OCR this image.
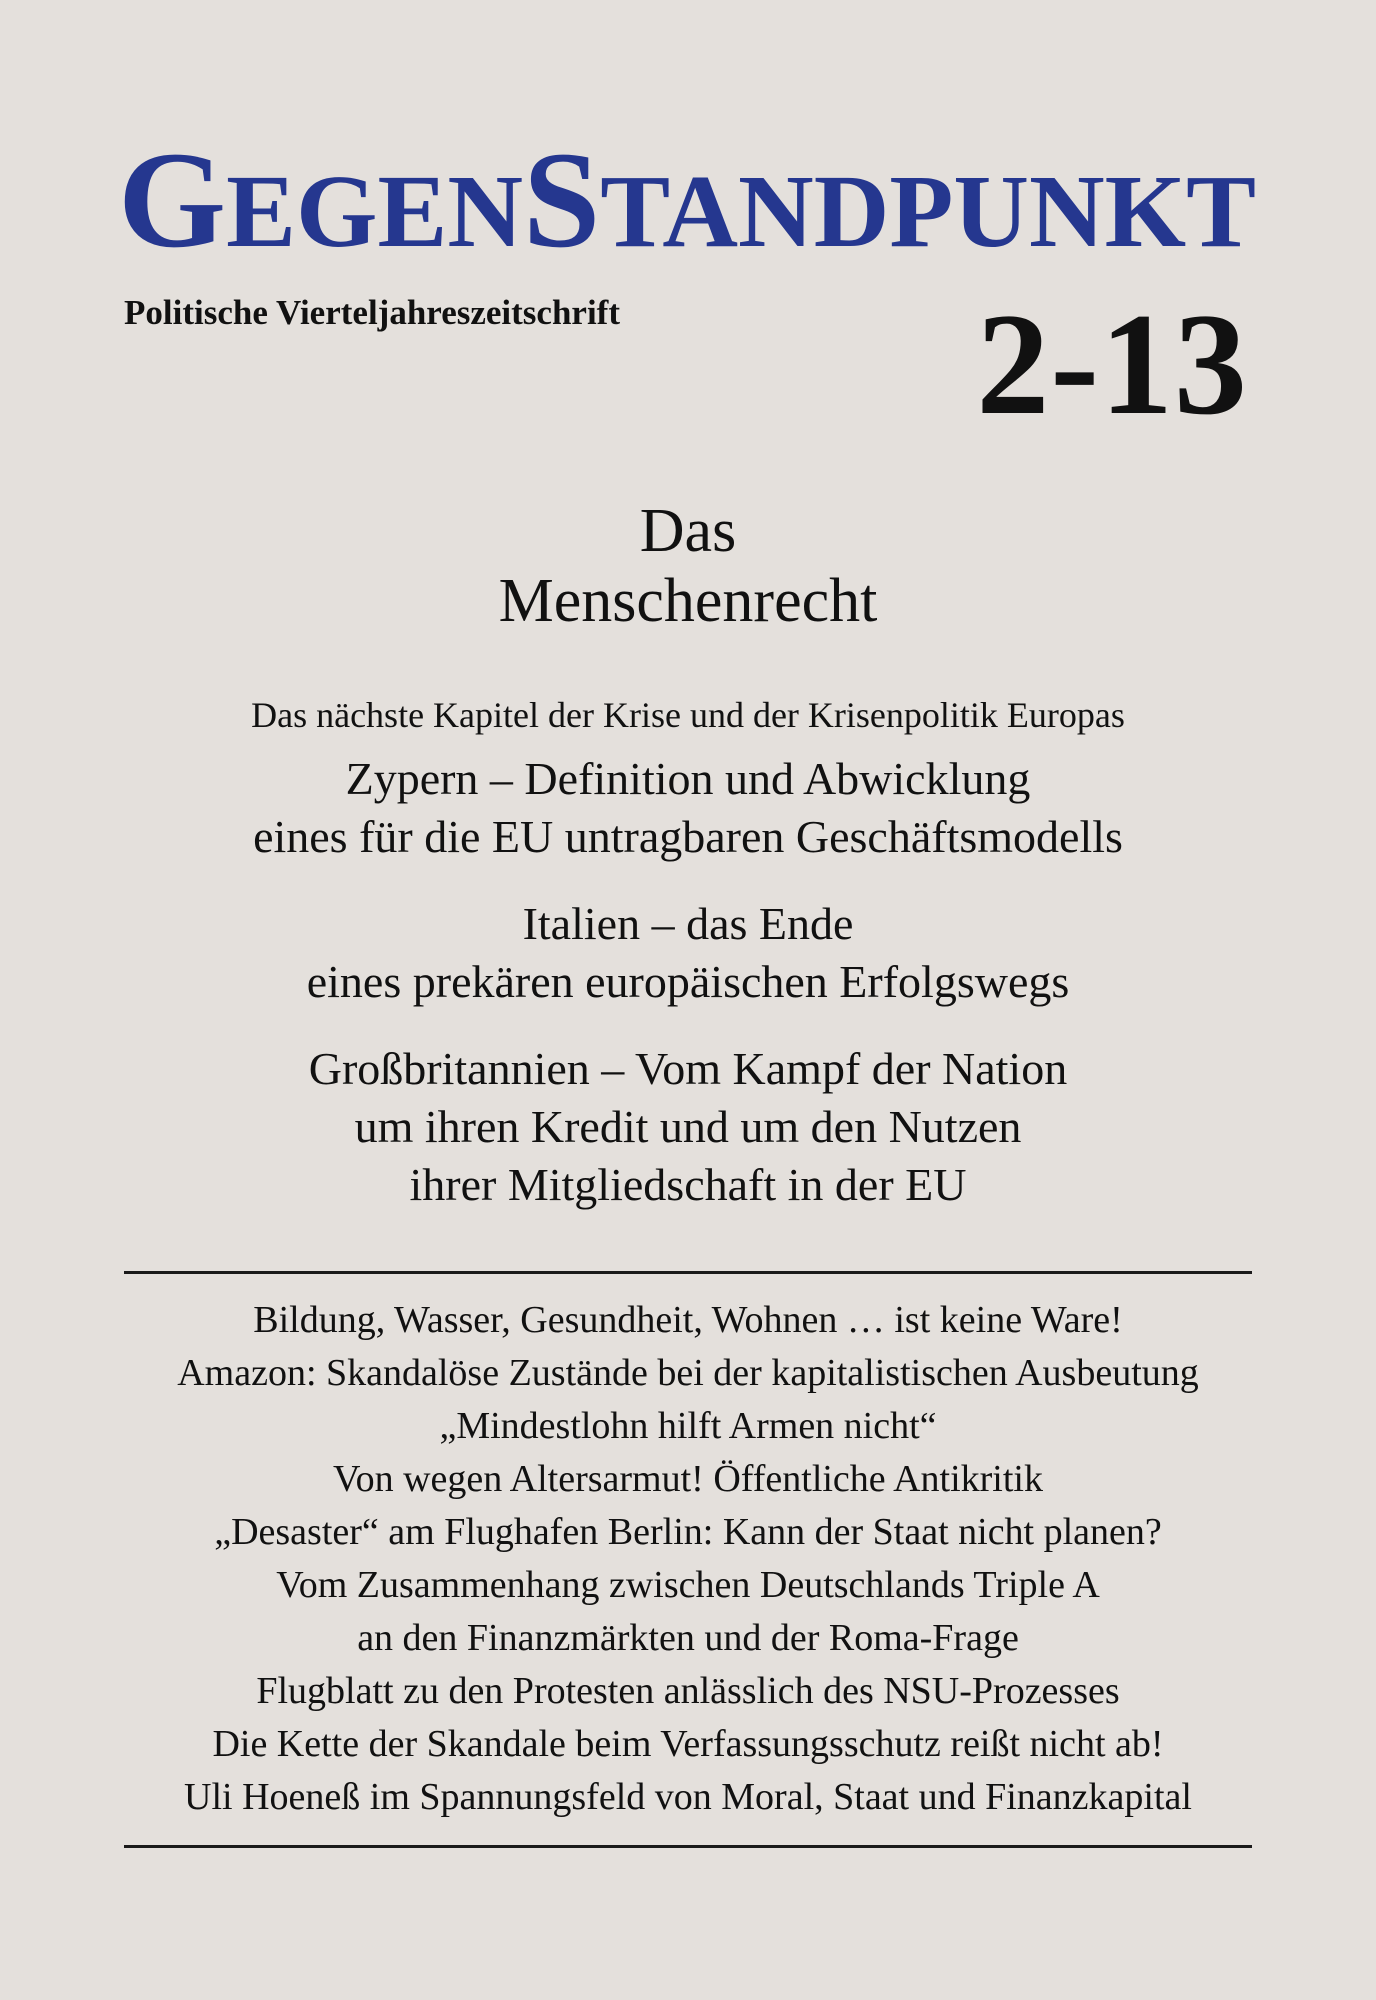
GEGENSTANDPUNKT
Politische Vierteljahreszeitschrift 2-13
Das
Menschenrecht
Das nächste Kapitel der Krise und der Krisenpolitik Europas
Zypern – Definition und Abwicklung
eines für die EU untragbaren Geschäftsmodells
Italien – das Ende
eines prekären europäischen Erfolgswegs
Großbritannien – Vom Kampf der Nation
um ihren Kredit und um den Nutzen
ihrer Mitgliedschaft in der EU
Bildung, Wasser, Gesundheit, Wohnen … ist keine Ware!
Amazon: Skandalöse Zustände bei der kapitalistischen Ausbeutung
„Mindestlohn hilft Armen nicht“
Von wegen Altersarmut! Öffentliche Antikritik
„Desaster“ am Flughafen Berlin: Kann der Staat nicht planen?
Vom Zusammenhang zwischen Deutschlands Triple A
an den Finanzmärkten und der Roma-Frage
Flugblatt zu den Protesten anlässlich des NSU-Prozesses
Die Kette der Skandale beim Verfassungsschutz reißt nicht ab!
Uli Hoeneß im Spannungsfeld von Moral, Staat und Finanzkapital
